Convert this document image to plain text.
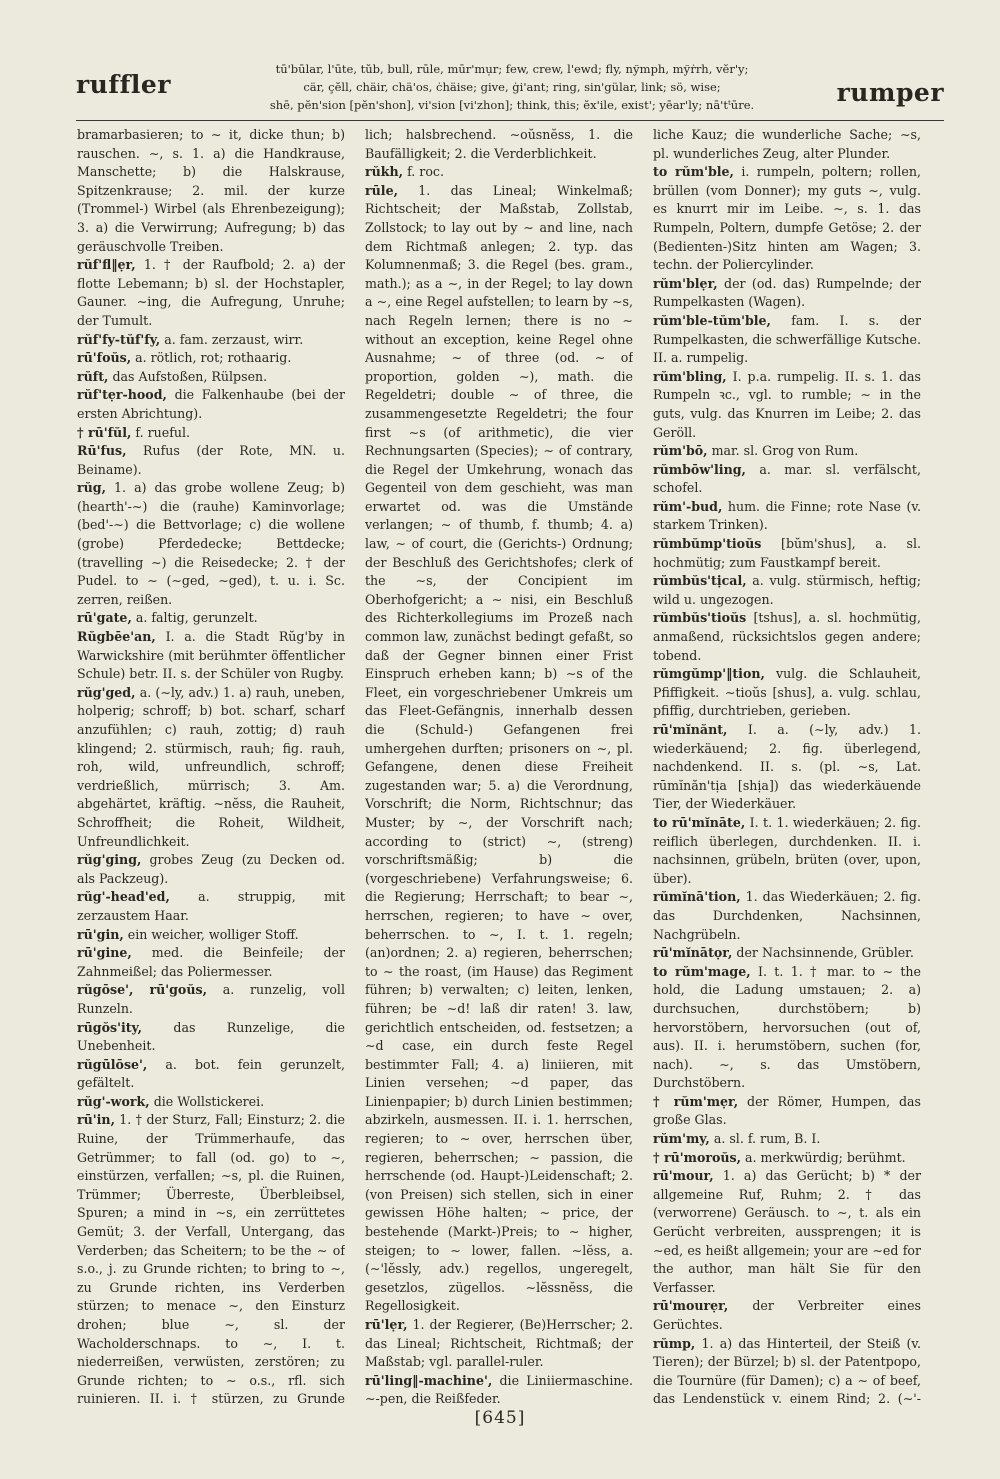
ruffler
tū'būlar, l'ūte, tŭb, bull, rūle, mūr'mụr; few, crew, l'ewd; fly, nўmph, mўṙrh, vĕr'y;
cär, çĕll, chäir, chä'os, ċhäise; give, ġi'ant; ring, sin'gülar, link; sö, wise;
shē, pĕn'sion [pĕn'shon], vi'sion [vi'zhon]; think, this; ĕx'ile, exist'; yēar'ly; nā'tᵗūre.	rumper

bramarbasieren; to ∼ it, dicke thun; b) rauschen. ∼, s. 1. a) die Handkrause, Manschette; b) die Halskrause, Spitzenkrause; 2. mil. der kurze (Trommel-) Wirbel (als Ehrenbezeigung); 3. a) die Verwirrung; Aufregung; b) das geräuschvolle Treiben.

rŭf'fl‖ẹr, 1. † der Raufbold; 2. a) der flotte Lebemann; b) sl. der Hochstapler, Gauner. ∼ing, die Aufregung, Unruhe; der Tumult.

rŭf'fy-tŭf'fy, a. fam. zerzaust, wirr.

rū'foŭs, a. rötlich, rot; rothaarig.

rŭft, das Aufstoßen, Rülpsen.

rŭf'tẹr-hood, die Falkenhaube (bei der ersten Abrichtung).

† rū'fŭl, f. rueful.

Rū'fus, Rufus (der Rote, MN. u. Beiname).

rŭg, 1. a) das grobe wollene Zeug; b) (hearth'-∼) die (rauhe) Kaminvorlage; (bed'-∼) die Bettvorlage; c) die wollene (grobe) Pferdedecke; Bettdecke; (travelling ∼) die Reisedecke; 2. † der Pudel. to ∼ (∼ged, ∼ged), t. u. i. Sc. zerren, reißen.

rū'gate, a. faltig, gerunzelt.

Rŭgbēe'an, I. a. die Stadt Rŭg'by in Warwickshire (mit berühmter öffentlicher Schule) betr. II. s. der Schüler von Rugby.

rŭg'ged, a. (∼ly, adv.) 1. a) rauh, uneben, holperig; schroff; b) bot. scharf, scharf anzufühlen; c) rauh, zottig; d) rauh klingend; 2. stürmisch, rauh; fig. rauh, roh, wild, unfreundlich, schroff; verdrießlich, mürrisch; 3. Am. abgehärtet, kräftig. ∼nĕss, die Rauheit, Schroffheit; die Roheit, Wildheit, Unfreundlichkeit.

rŭg'ging, grobes Zeug (zu Decken od. als Packzeug).

rŭg'-head'ed, a. struppig, mit zerzaustem Haar.

rū'gin, ein weicher, wolliger Stoff.

rū'gine, med. die Beinfeile; der Zahnmeißel; das Poliermesser.

rŭgōse', rū'goŭs, a. runzelig, voll Runzeln.

rūgŏs'ity, das Runzelige, die Unebenheit.

rŭgūlōse', a. bot. fein gerunzelt, gefältelt.

rŭg'-work, die Wollstickerei.

rū'in, 1. † der Sturz, Fall; Einsturz; 2. die Ruine, der Trümmerhaufe, das Getrümmer; to fall (od. go) to ∼, einstürzen, verfallen; ∼s, pl. die Ruinen, Trümmer; Überreste, Überbleibsel, Spuren; a mind in ∼s, ein zerrüttetes Gemüt; 3. der Verfall, Untergang, das Verderben; das Scheitern; to be the ∼ of s.o., j. zu Grunde richten; to bring to ∼, zu Grunde richten, ins Verderben stürzen; to menace ∼, den Einsturz drohen; blue ∼, sl. der Wacholderschnaps. to ∼, I. t. niederreißen, verwüsten, zerstören; zu Grunde richten; to ∼ o.s., rfl. sich ruinieren. II. i. † stürzen, zu Grunde

lich; halsbrechend. ∼oŭsnĕss, 1. die Baufälligkeit; 2. die Verderblichkeit.

rŭkh, f. roc.

rūle, 1. das Lineal; Winkelmaß; Richtscheit; der Maßstab, Zollstab, Zollstock; to lay out by ∼ and line, nach dem Richtmaß anlegen; 2. typ. das Kolumnenmaß; 3. die Regel (bes. gram., math.); as a ∼, in der Regel; to lay down a ∼, eine Regel aufstellen; to learn by ∼s, nach Regeln lernen; there is no ∼ without an exception, keine Regel ohne Ausnahme; ∼ of three (od. ∼ of proportion, golden ∼), math. die Regeldetri; double ∼ of three, die zusammengesetzte Regeldetri; the four first ∼s (of arithmetic), die vier Rechnungsarten (Species); ∼ of contrary, die Regel der Umkehrung, wonach das Gegenteil von dem geschieht, was man erwartet od. was die Umstände verlangen; ∼ of thumb, f. thumb; 4. a) law, ∼ of court, die (Gerichts-) Ordnung; der Beschluß des Gerichtshofes; clerk of the ∼s, der Concipient im Oberhofgericht; a ∼ nisi, ein Beschluß des Richterkollegiums im Prozeß nach common law, zunächst bedingt gefaßt, so daß der Gegner binnen einer Frist Einspruch erheben kann; b) ∼s of the Fleet, ein vorgeschriebener Umkreis um das Fleet-Gefängnis, innerhalb dessen die (Schuld-) Gefangenen frei umhergehen durften; prisoners on ∼, pl. Gefangene, denen diese Freiheit zugestanden war; 5. a) die Verordnung, Vorschrift; die Norm, Richtschnur; das Muster; by ∼, der Vorschrift nach; according to (strict) ∼, (streng) vorschriftsmäßig; b) die (vorgeschriebene) Verfahrungsweise; 6. die Regierung; Herrschaft; to bear ∼, herrschen, regieren; to have ∼ over, beherrschen. to ∼, I. t. 1. regeln; (an)ordnen; 2. a) regieren, beherrschen; to ∼ the roast, (im Hause) das Regiment führen; b) verwalten; c) leiten, lenken, führen; be ∼d! laß dir raten! 3. law, gerichtlich entscheiden, od. festsetzen; a ∼d case, ein durch feste Regel bestimmter Fall; 4. a) liniieren, mit Linien versehen; ∼d paper, das Linienpapier; b) durch Linien bestimmen; abzirkeln, ausmessen. II. i. 1. herrschen, regieren; to ∼ over, herrschen über, regieren, beherrschen; ∼ passion, die herrschende (od. Haupt-)Leidenschaft; 2. (von Preisen) sich stellen, sich in einer gewissen Höhe halten; ∼ price, der bestehende (Markt-)Preis; to ∼ higher, steigen; to ∼ lower, fallen. ∼lĕss, a. (∼'lĕssly, adv.) regellos, ungeregelt, gesetzlos, zügellos. ∼lĕssnĕss, die Regellosigkeit.

rū'lẹr, 1. der Regierer, (Be)Herrscher; 2. das Lineal; Richtscheit, Richtmaß; der Maßstab; vgl. parallel-ruler.

rū'ling‖-machine', die Liniiermaschine. ∼-pen, die Reißfeder.

liche Kauz; die wunderliche Sache; ∼s, pl. wunderliches Zeug, alter Plunder.

to rŭm'ble, i. rumpeln, poltern; rollen, brüllen (vom Donner); my guts ∼, vulg. es knurrt mir im Leibe. ∼, s. 1. das Rumpeln, Poltern, dumpfe Getöse; 2. der (Bedienten-)Sitz hinten am Wagen; 3. techn. der Poliercylinder.

rŭm'blẹr, der (od. das) Rumpelnde; der Rumpelkasten (Wagen).

rŭm'ble-tŭm'ble, fam. I. s. der Rumpelkasten, die schwerfällige Kutsche. II. a. rumpelig.

rŭm'bling, I. p.a. rumpelig. II. s. 1. das Rumpeln ꝛc., vgl. to rumble; ∼ in the guts, vulg. das Knurren im Leibe; 2. das Geröll.

rŭm'bō, mar. sl. Grog von Rum.

rŭmbōw'ling, a. mar. sl. verfälscht, schofel.

rŭm'-bud, hum. die Finne; rote Nase (v. starkem Trinken).

rŭmbŭmp'tioŭs [bŭm'shus], a. sl. hochmütig; zum Faustkampf bereit.

rŭmbŭs'tịcal, a. vulg. stürmisch, heftig; wild u. ungezogen.

rŭmbŭs'tioŭs [tshus], a. sl. hochmütig, anmaßend, rücksichtslos gegen andere; tobend.

rŭmgŭmp'‖tion, vulg. die Schlauheit, Pfiffigkeit. ∼tioŭs [shus], a. vulg. schlau, pfiffig, durchtrieben, gerieben.

rū'mĭnănt, I. a. (∼ly, adv.) 1. wiederkäuend; 2. fig. überlegend, nachdenkend. II. s. (pl. ∼s, Lat. rūmĭnăn'tịa [shịa]) das wiederkäuende Tier, der Wiederkäuer.

to rū'mĭnāte, I. t. 1. wiederkäuen; 2. fig. reiflich überlegen, durchdenken. II. i. nachsinnen, grübeln, brüten (over, upon, über).

rŭmĭnā'tion, 1. das Wiederkäuen; 2. fig. das Durchdenken, Nachsinnen, Nachgrübeln.

rū'mĭnātọr, der Nachsinnende, Grübler.

to rŭm'mage, I. t. 1. † mar. to ∼ the hold, die Ladung umstauen; 2. a) durchsuchen, durchstöbern; b) hervorstöbern, hervorsuchen (out of, aus). II. i. herumstöbern, suchen (for, nach). ∼, s. das Umstöbern, Durchstöbern.

† rŭm'mẹr, der Römer, Humpen, das große Glas.

rŭm'my, a. sl. f. rum, B. I.

† rū'moroŭs, a. merkwürdig; berühmt.

rū'mour, 1. a) das Gerücht; b) * der allgemeine Ruf, Ruhm; 2. † das (verworrene) Geräusch. to ∼, t. als ein Gerücht verbreiten, aussprengen; it is ∼ed, es heißt allgemein; your are ∼ed for the author, man hält Sie für den Verfasser.

rū'mourẹr, der Verbreiter eines Gerüchtes.

rŭmp, 1. a) das Hinterteil, der Steiß (v. Tieren); der Bürzel; b) sl. der Patentpopo, die Tournüre (für Damen); c) a ∼ of beef, das Lendenstück v. einem Rind; 2. (∼'-

[645]
